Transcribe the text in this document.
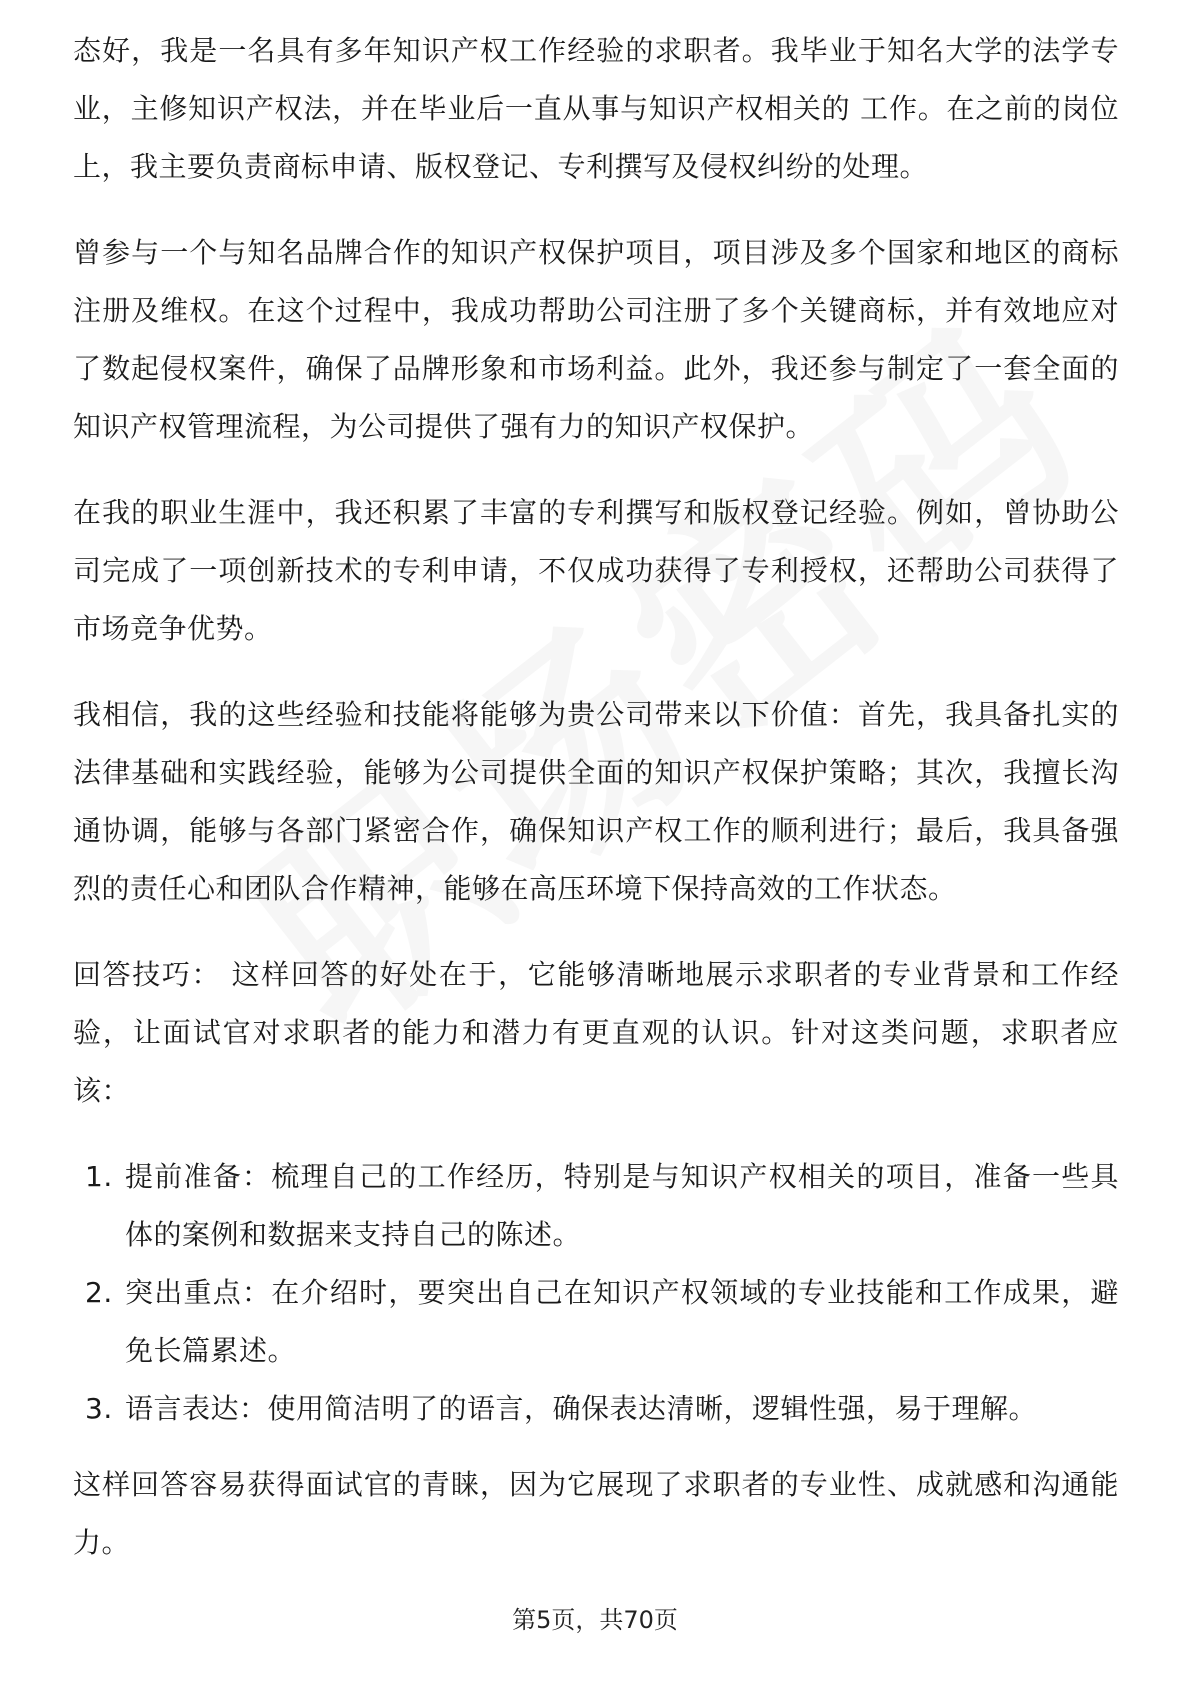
态好，我是一名具有多年知识产权工作经验的求职者。我毕业于知名大学的法学专业，主修知识产权法，并在毕业后一直从事与知识产权相关的 工作。在之前的岗位上，我主要负责商标申请、版权登记、专利撰写及侵权纠纷的处理。

曾参与一个与知名品牌合作的知识产权保护项目，项目涉及多个国家和地区的商标注册及维权。在这个过程中，我成功帮助公司注册了多个关键商标，并有效地应对了数起侵权案件，确保了品牌形象和市场利益。此外，我还参与制定了一套全面的知识产权管理流程，为公司提供了强有力的知识产权保护。

在我的职业生涯中，我还积累了丰富的专利撰写和版权登记经验。例如，曾协助公司完成了一项创新技术的专利申请，不仅成功获得了专利授权，还帮助公司获得了市场竞争优势。

我相信，我的这些经验和技能将能够为贵公司带来以下价值：首先，我具备扎实的法律基础和实践经验，能够为公司提供全面的知识产权保护策略；其次，我擅长沟通协调，能够与各部门紧密合作，确保知识产权工作的顺利进行；最后，我具备强烈的责任心和团队合作精神，能够在高压环境下保持高效的工作状态。

回答技巧： 这样回答的好处在于，它能够清晰地展示求职者的专业背景和工作经验，让面试官对求职者的能力和潜力有更直观的认识。针对这类问题，求职者应该：

1. 提前准备：梳理自己的工作经历，特别是与知识产权相关的项目，准备一些具体的案例和数据来支持自己的陈述。
2. 突出重点：在介绍时，要突出自己在知识产权领域的专业技能和工作成果，避免长篇累述。
3. 语言表达：使用简洁明了的语言，确保表达清晰，逻辑性强，易于理解。

这样回答容易获得面试官的青睐，因为它展现了求职者的专业性、成就感和沟通能力。

第5页，共70页
